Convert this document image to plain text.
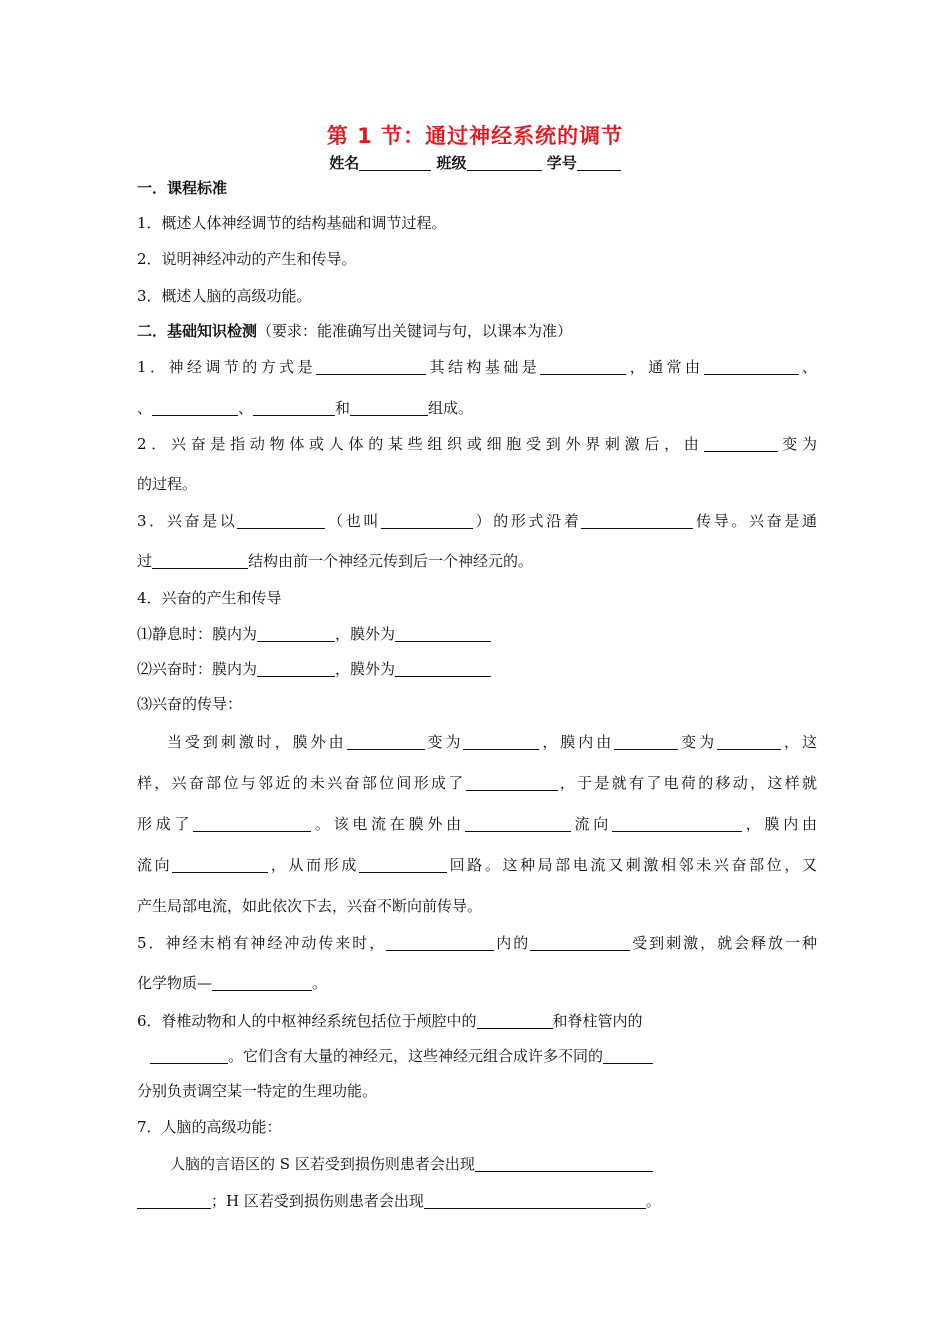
第 1 节：通过神经系统的调节
姓名	班级	学号
一．课程标准
1．概述人体神经调节的结构基础和调节过程。
2．说明神经冲动的产生和传导。
3．概述人脑的高级功能。
二．基础知识检测（要求：能准确写出关键词与句，以课本为准）
1．神经调节的方式是	其结构基础是	，通常由	、
、	、	和	组成。
2．兴奋是指动物体或人体的某些组织或细胞受到外界刺激后，由	变为
的过程。
3．兴奋是以	（也叫	）的形式沿着	传导。兴奋是通
过	结构由前一个神经元传到后一个神经元的。
4．兴奋的产生和传导
⑴静息时：膜内为	，膜外为
⑵兴奋时：膜内为	，膜外为
⑶兴奋的传导：
当受到刺激时，膜外由	变为	，膜内由	变为	，这
样，兴奋部位与邻近的未兴奋部位间形成了	，于是就有了电荷的移动，这样就
形成了	。该电流在膜外由	流向	，膜内由
流向	，从而形成	回路。这种局部电流又刺激相邻未兴奋部位，又
产生局部电流，如此依次下去，兴奋不断向前传导。
5．神经末梢有神经冲动传来时，	内的	受到刺激，就会释放一种
化学物质—	。
6．脊椎动物和人的中枢神经系统包括位于颅腔中的	和脊柱管内的
。它们含有大量的神经元，这些神经元组合成许多不同的
分别负责调空某一特定的生理功能。
7．人脑的高级功能：
人脑的言语区的 S 区若受到损伤则患者会出现
；H 区若受到损伤则患者会出现	。
